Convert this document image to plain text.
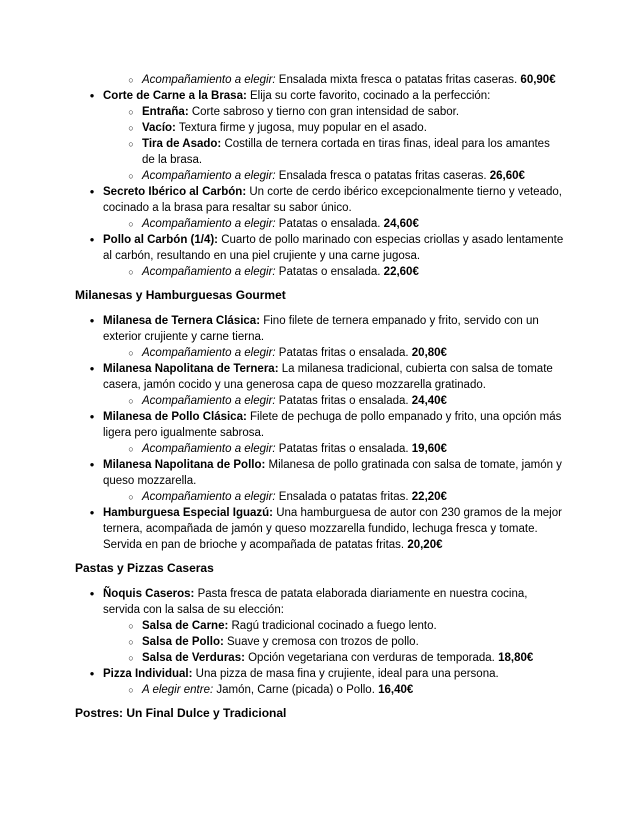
○ Acompañamiento a elegir: Ensalada mixta fresca o patatas fritas caseras. 60,90€
● Corte de Carne a la Brasa: Elija su corte favorito, cocinado a la perfección:
○ Entraña: Corte sabroso y tierno con gran intensidad de sabor.
○ Vacío: Textura firme y jugosa, muy popular en el asado.
○ Tira de Asado: Costilla de ternera cortada en tiras finas, ideal para los amantes de la brasa.
○ Acompañamiento a elegir: Ensalada fresca o patatas fritas caseras. 26,60€
● Secreto Ibérico al Carbón: Un corte de cerdo ibérico excepcionalmente tierno y veteado, cocinado a la brasa para resaltar su sabor único.
○ Acompañamiento a elegir: Patatas o ensalada. 24,60€
● Pollo al Carbón (1/4): Cuarto de pollo marinado con especias criollas y asado lentamente al carbón, resultando en una piel crujiente y una carne jugosa.
○ Acompañamiento a elegir: Patatas o ensalada. 22,60€
Milanesas y Hamburguesas Gourmet
● Milanesa de Ternera Clásica: Fino filete de ternera empanado y frito, servido con un exterior crujiente y carne tierna.
○ Acompañamiento a elegir: Patatas fritas o ensalada. 20,80€
● Milanesa Napolitana de Ternera: La milanesa tradicional, cubierta con salsa de tomate casera, jamón cocido y una generosa capa de queso mozzarella gratinado.
○ Acompañamiento a elegir: Patatas fritas o ensalada. 24,40€
● Milanesa de Pollo Clásica: Filete de pechuga de pollo empanado y frito, una opción más ligera pero igualmente sabrosa.
○ Acompañamiento a elegir: Patatas fritas o ensalada. 19,60€
● Milanesa Napolitana de Pollo: Milanesa de pollo gratinada con salsa de tomate, jamón y queso mozzarella.
○ Acompañamiento a elegir: Ensalada o patatas fritas. 22,20€
● Hamburguesa Especial Iguazú: Una hamburguesa de autor con 230 gramos de la mejor ternera, acompañada de jamón y queso mozzarella fundido, lechuga fresca y tomate. Servida en pan de brioche y acompañada de patatas fritas. 20,20€
Pastas y Pizzas Caseras
● Ñoquis Caseros: Pasta fresca de patata elaborada diariamente en nuestra cocina, servida con la salsa de su elección:
○ Salsa de Carne: Ragú tradicional cocinado a fuego lento.
○ Salsa de Pollo: Suave y cremosa con trozos de pollo.
○ Salsa de Verduras: Opción vegetariana con verduras de temporada. 18,80€
● Pizza Individual: Una pizza de masa fina y crujiente, ideal para una persona.
○ A elegir entre: Jamón, Carne (picada) o Pollo. 16,40€
Postres: Un Final Dulce y Tradicional
